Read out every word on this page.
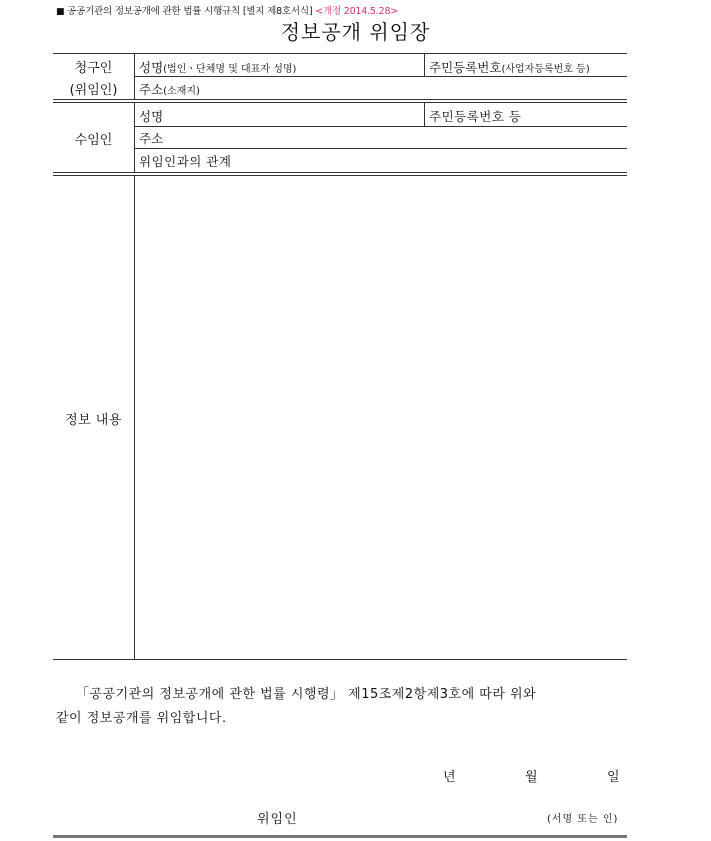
■ 공공기관의 정보공개에 관한 법률 시행규칙 [별지 제8호서식] <개정 2014.5.28>
정보공개 위임장
청구인
(위임인)
성명(법인ㆍ단체명 및 대표자 성명)	주민등록번호(사업자등록번호 등)
주소(소재지)
수임인
성명	주민등록번호 등
주소
위임인과의 관계
정보 내용
「공공기관의 정보공개에 관한 법률 시행령」 제15조제2항제3호에 따라 위와
같이 정보공개를 위임합니다.
년	월	일
위임인	(서명 또는 인)
